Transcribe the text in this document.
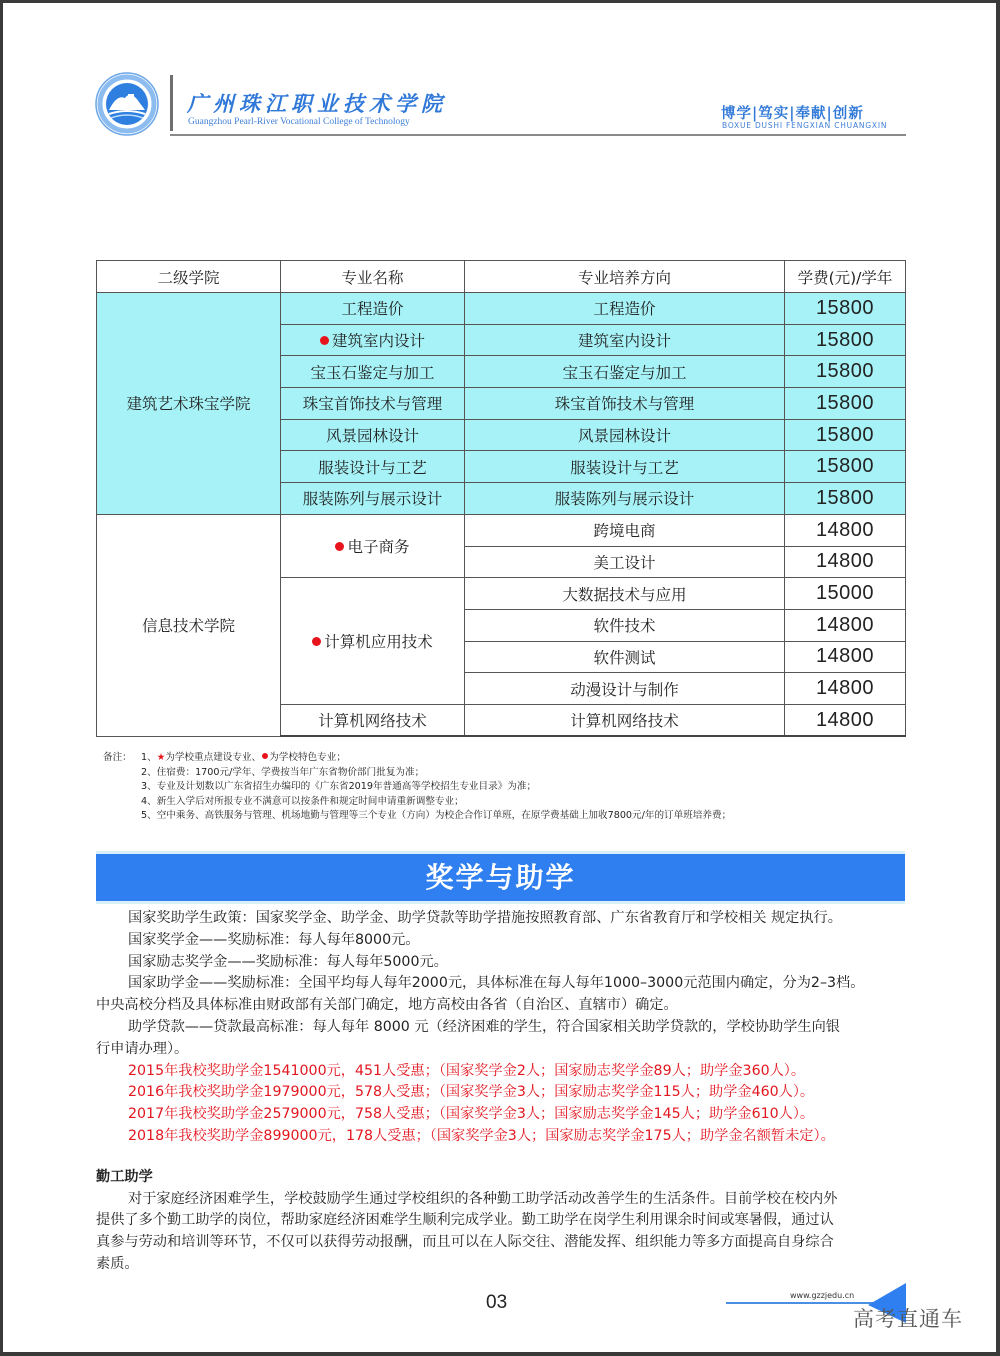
广州珠江职业技术学院
Guangzhou Pearl-River Vocational College of Technology	博学|笃实|奉献|创新
BOXUE DUSHI FENGXIAN CHUANGXIN
二级学院	专业名称	专业培养方向	学费(元)/学年
建筑艺术珠宝学院	工程造价	工程造价	15800
	建筑室内设计	建筑室内设计	15800
	宝玉石鉴定与加工	宝玉石鉴定与加工	15800
	珠宝首饰技术与管理	珠宝首饰技术与管理	15800
	风景园林设计	风景园林设计	15800
	服装设计与工艺	服装设计与工艺	15800
	服装陈列与展示设计	服装陈列与展示设计	15800
信息技术学院	电子商务	跨境电商	14800
		美工设计	14800
	计算机应用技术	大数据技术与应用	15000
		软件技术	14800
		软件测试	14800
		动漫设计与制作	14800
	计算机网络技术	计算机网络技术	14800
备注： 1、★为学校重点建设专业、 为学校特色专业；
2、住宿费：1700元/学年、学费按当年广东省物价部门批复为准；
3、专业及计划数以广东省招生办编印的《广东省2019年普通高等学校招生专业目录》为准；
4、新生入学后对所报专业不满意可以按条件和规定时间申请重新调整专业；
5、空中乘务、高铁服务与管理、机场地勤与管理等三个专业（方向）为校企合作订单班，在原学费基础上加收7800元/年的订单班培养费；
奖学与助学
国家奖助学生政策：国家奖学金、助学金、助学贷款等助学措施按照教育部、广东省教育厅和学校相关 规定执行。
国家奖学金——奖励标准：每人每年8000元。
国家励志奖学金——奖励标准：每人每年5000元。
国家助学金——奖励标准：全国平均每人每年2000元，具体标准在每人每年1000–3000元范围内确定，分为2–3档。
中央高校分档及具体标准由财政部有关部门确定，地方高校由各省（自治区、直辖市）确定。
助学贷款——贷款最高标准：每人每年 8000 元（经济困难的学生，符合国家相关助学贷款的，学校协助学生向银
行申请办理）。
2015年我校奖助学金1541000元，451人受惠；（国家奖学金2人；国家励志奖学金89人；助学金360人）。
2016年我校奖助学金1979000元，578人受惠；（国家奖学金3人；国家励志奖学金115人；助学金460人）。
2017年我校奖助学金2579000元，758人受惠；（国家奖学金3人；国家励志奖学金145人；助学金610人）。
2018年我校奖助学金899000元，178人受惠；（国家奖学金3人；国家励志奖学金175人；助学金名额暂未定）。
勤工助学
对于家庭经济困难学生，学校鼓励学生通过学校组织的各种勤工助学活动改善学生的生活条件。目前学校在校内外
提供了多个勤工助学的岗位，帮助家庭经济困难学生顺利完成学业。勤工助学在岗学生利用课余时间或寒暑假，通过认
真参与劳动和培训等环节，不仅可以获得劳动报酬，而且可以在人际交往、潜能发挥、组织能力等多方面提高自身综合
素质。
03	www.gzzjedu.cn
高考直通车
